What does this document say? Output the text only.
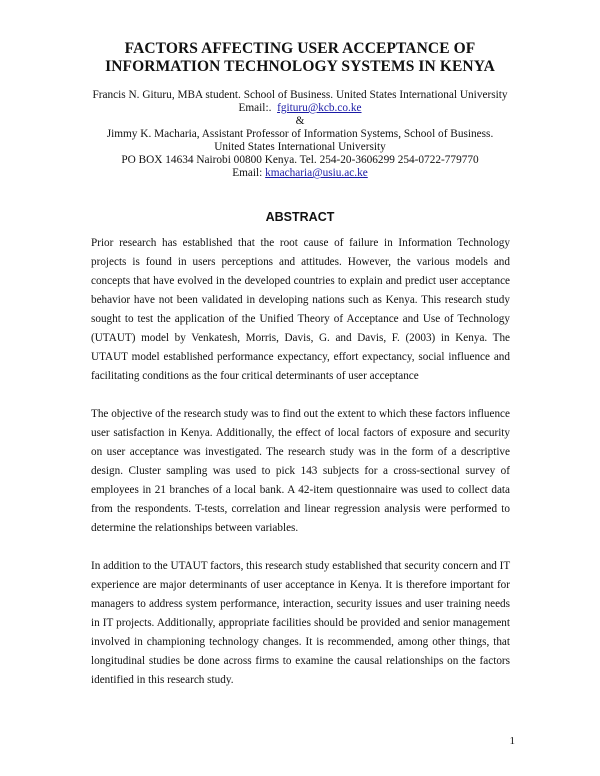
FACTORS AFFECTING USER ACCEPTANCE OF
INFORMATION TECHNOLOGY SYSTEMS IN KENYA
Francis N. Gituru, MBA student. School of Business. United States International University
Email:. fgituru@kcb.co.ke
&
Jimmy K. Macharia, Assistant Professor of Information Systems, School of Business.
United States International University
PO BOX 14634 Nairobi 00800 Kenya. Tel. 254-20-3606299 254-0722-779770
Email: kmacharia@usiu.ac.ke
ABSTRACT
Prior research has established that the root cause of failure in Information Technology
projects is found in users perceptions and attitudes. However, the various models and
concepts that have evolved in the developed countries to explain and predict user acceptance
behavior have not been validated in developing nations such as Kenya. This research study
sought to test the application of the Unified Theory of Acceptance and Use of Technology
(UTAUT) model by Venkatesh, Morris, Davis, G. and Davis, F. (2003) in Kenya. The
UTAUT model established performance expectancy, effort expectancy, social influence and
facilitating conditions as the four critical determinants of user acceptance
The objective of the research study was to find out the extent to which these factors influence
user satisfaction in Kenya. Additionally, the effect of local factors of exposure and security
on user acceptance was investigated. The research study was in the form of a descriptive
design. Cluster sampling was used to pick 143 subjects for a cross-sectional survey of
employees in 21 branches of a local bank. A 42-item questionnaire was used to collect data
from the respondents. T-tests, correlation and linear regression analysis were performed to
determine the relationships between variables.
In addition to the UTAUT factors, this research study established that security concern and IT
experience are major determinants of user acceptance in Kenya. It is therefore important for
managers to address system performance, interaction, security issues and user training needs
in IT projects. Additionally, appropriate facilities should be provided and senior management
involved in championing technology changes. It is recommended, among other things, that
longitudinal studies be done across firms to examine the causal relationships on the factors
identified in this research study.
1
